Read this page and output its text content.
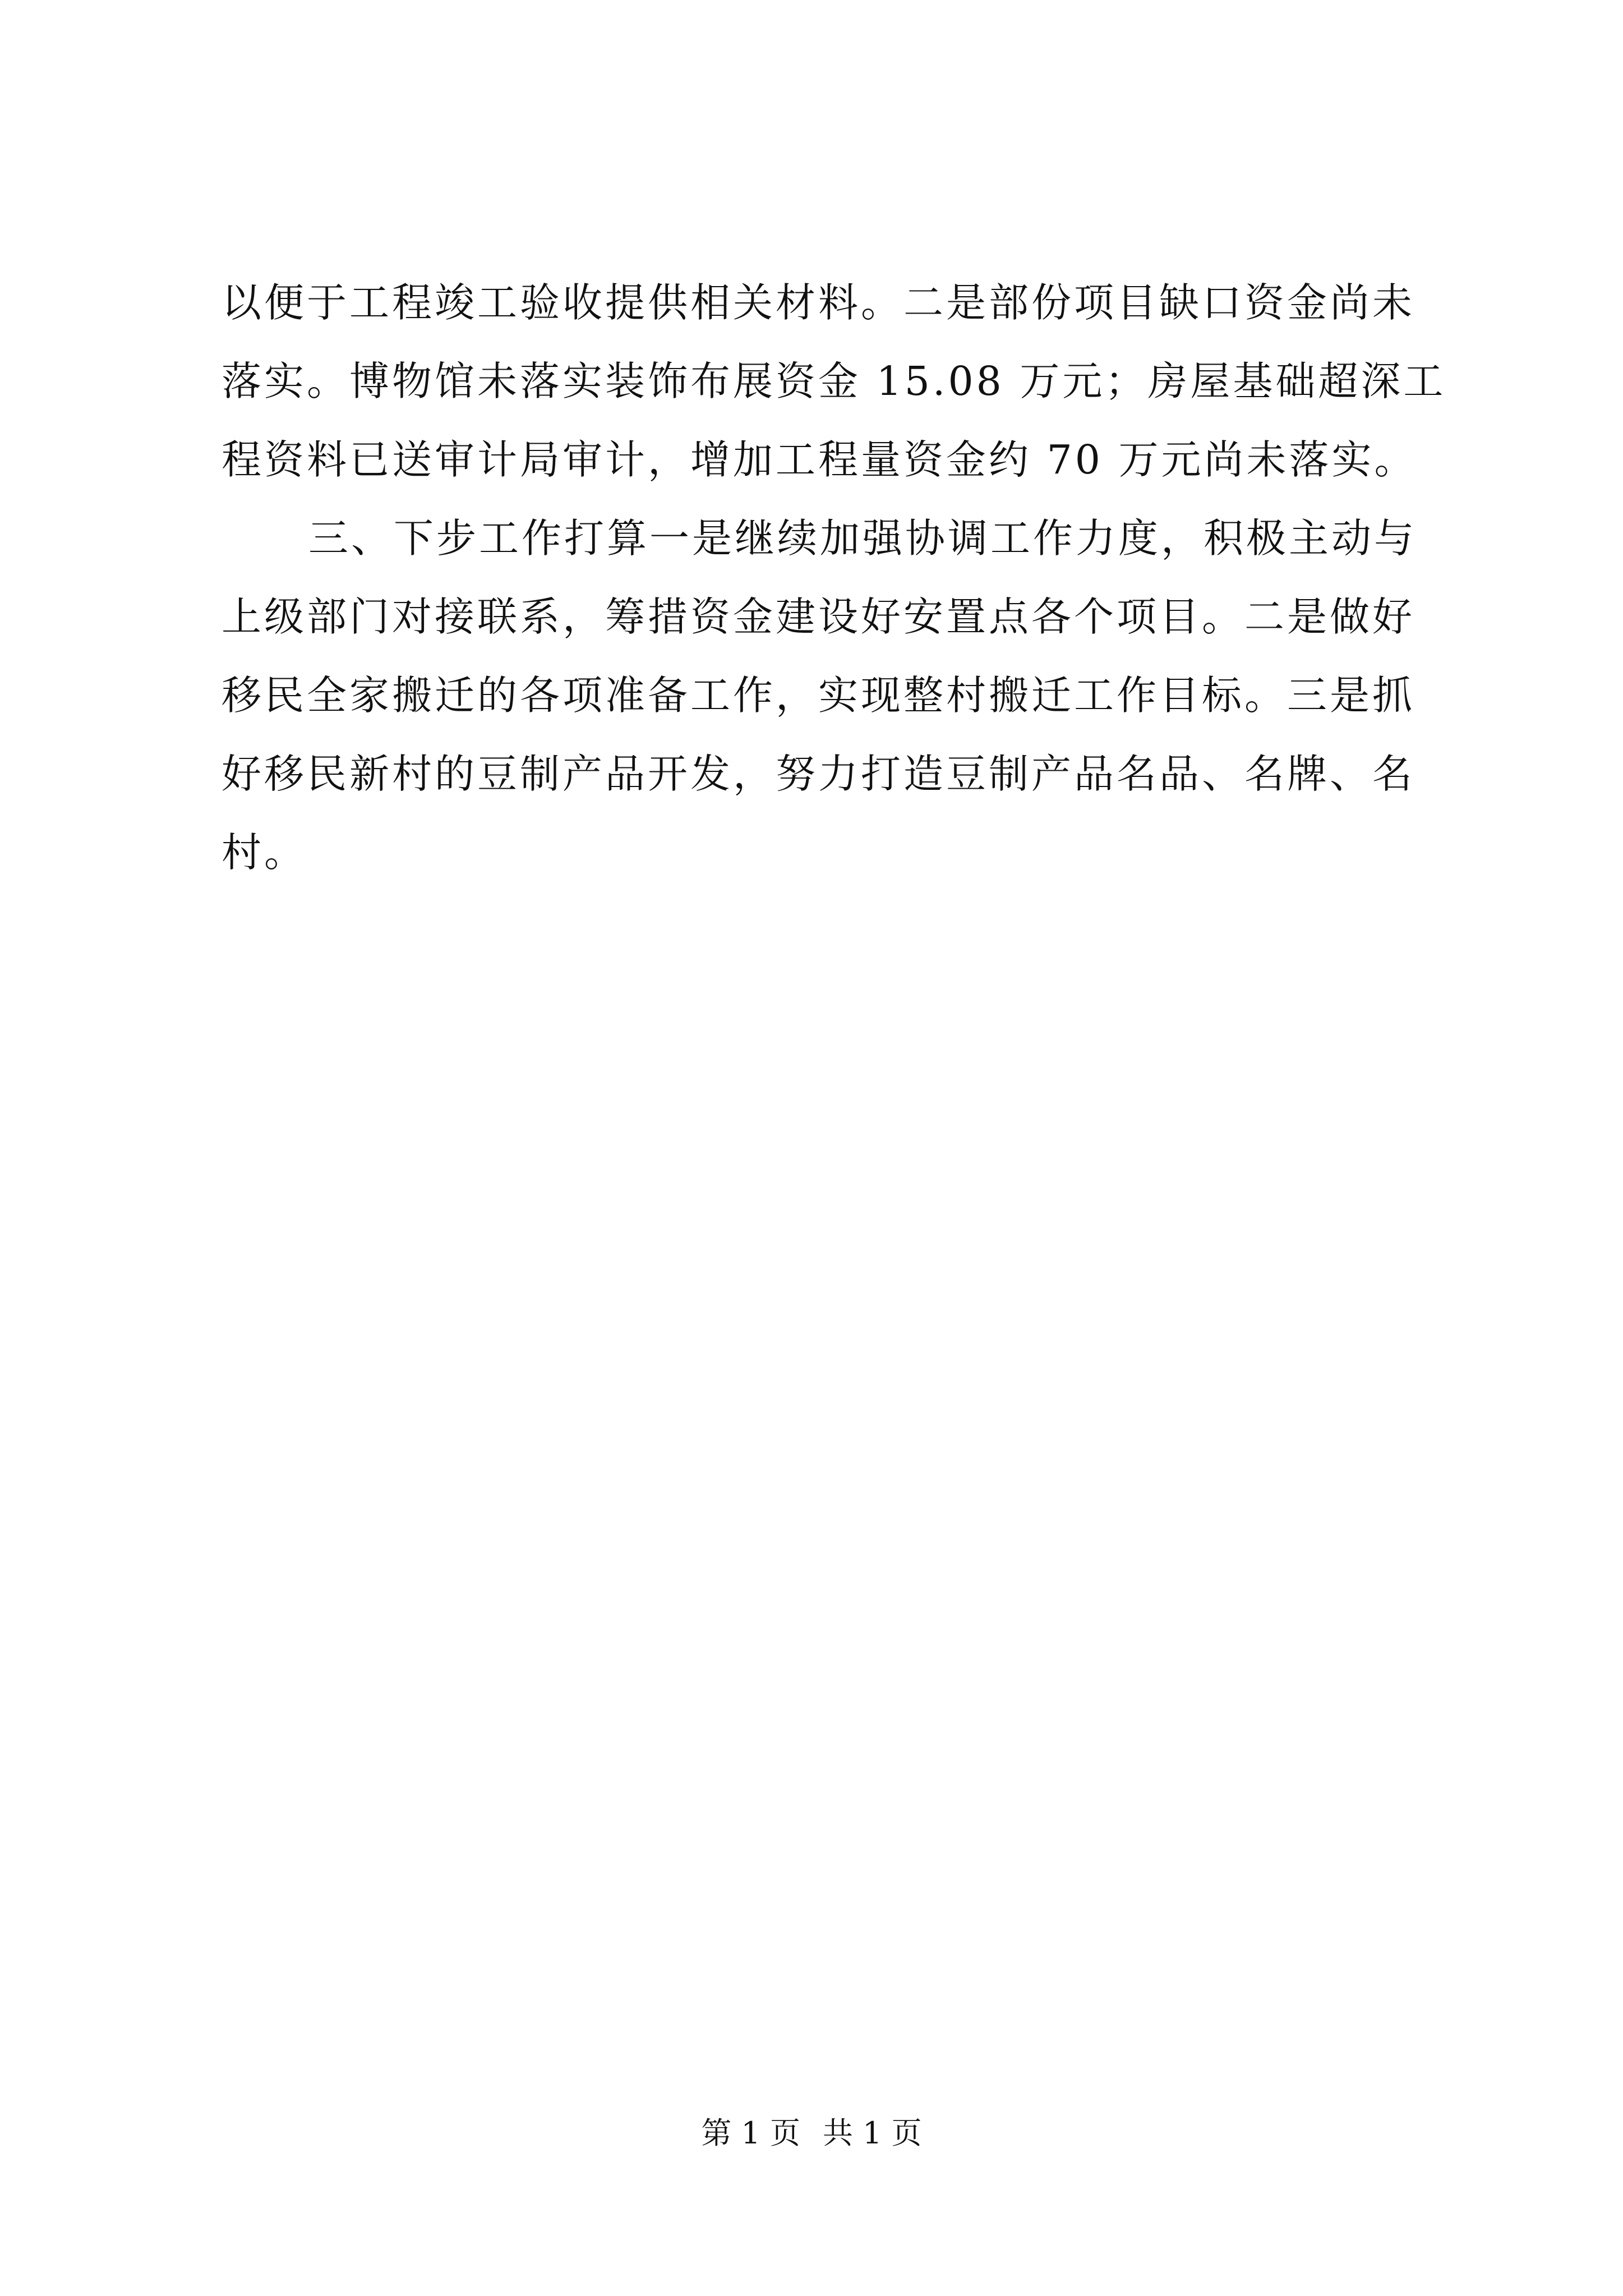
以便于工程竣工验收提供相关材料。二是部份项目缺口资金尚未
落实。博物馆未落实装饰布展资金 15.08 万元；房屋基础超深工
程资料已送审计局审计，增加工程量资金约 70 万元尚未落实。
三、下步工作打算一是继续加强协调工作力度，积极主动与
上级部门对接联系，筹措资金建设好安置点各个项目。二是做好
移民全家搬迁的各项准备工作，实现整村搬迁工作目标。三是抓
好移民新村的豆制产品开发，努力打造豆制产品名品、名牌、名
村。
第 1 页 共 1 页
